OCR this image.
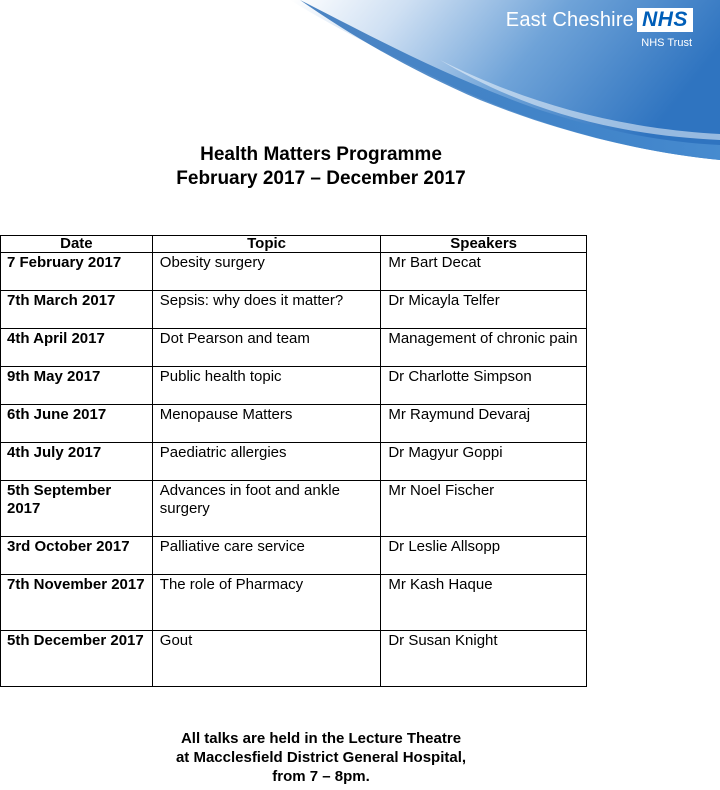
East Cheshire NHS
NHS Trust
Health Matters Programme
February 2017 – December 2017
Date	Topic	Speakers
7 February 2017	Obesity surgery	Mr Bart Decat
7th March 2017	Sepsis: why does it matter?	Dr Micayla Telfer
4th April 2017	Dot Pearson and team	Management of chronic pain
9th May 2017	Public health topic	Dr Charlotte Simpson
6th June 2017	Menopause Matters	Mr Raymund Devaraj
4th July 2017	Paediatric allergies	Dr Magyur Goppi
5th September 2017	Advances in foot and ankle surgery	Mr Noel Fischer
3rd October 2017	Palliative care service	Dr Leslie Allsopp
7th November 2017	The role of Pharmacy	Mr Kash Haque
5th December 2017	Gout	Dr Susan Knight
All talks are held in the Lecture Theatre
at Macclesfield District General Hospital,
from 7 – 8pm.
